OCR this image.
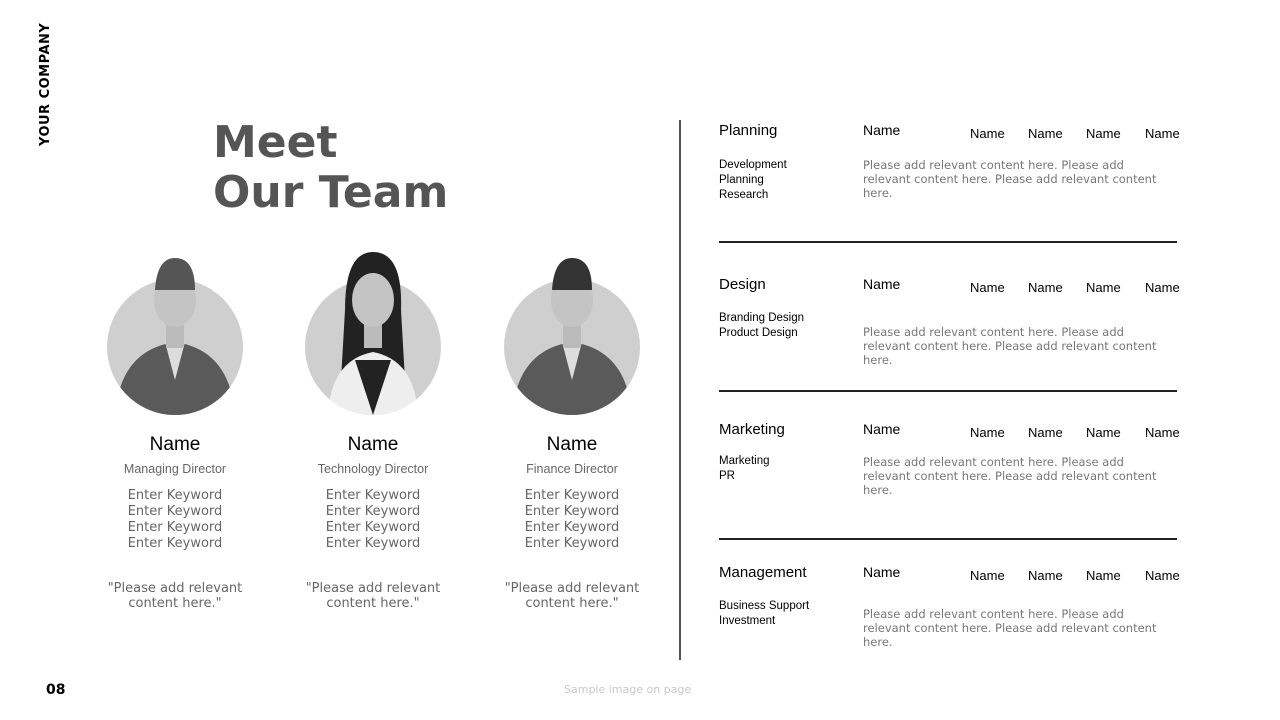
YOUR COMPANY	Meet
Our Team
Name
Managing Director
Enter Keyword
Enter Keyword
Enter Keyword
Enter Keyword
"Please add relevant
content here."
Name
Technology Director
Enter Keyword
Enter Keyword
Enter Keyword
Enter Keyword
"Please add relevant
content here."
Name
Finance Director
Enter Keyword
Enter Keyword
Enter Keyword
Enter Keyword
"Please add relevant
content here."
Planning	Name	Name Name Name Name
Development
Planning
Research
Please add relevant content here. Please add relevant content here. Please add relevant content here.
Design	Name	Name Name Name Name
Branding Design
Product Design	Please add relevant content here. Please add relevant content here. Please add relevant content here.
Marketing	Name	Name Name Name Name
Marketing
PR
Please add relevant content here. Please add relevant content here. Please add relevant content here.
Management	Name	Name Name Name Name
Business Support
Investment	Please add relevant content here. Please add relevant content here. Please add relevant content here.
08	Sample image on page
